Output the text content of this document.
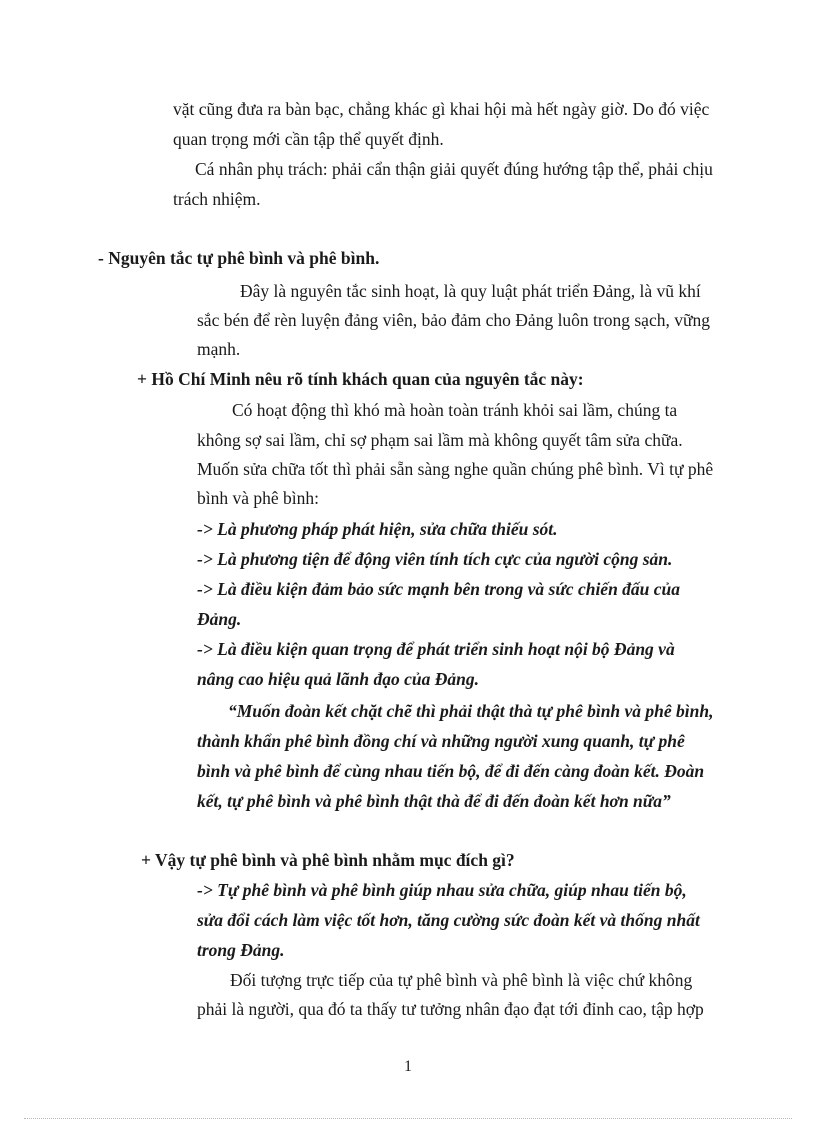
vặt cũng đưa ra bàn bạc, chẳng khác gì khai hội mà hết ngày giờ. Do đó việc
quan trọng mới cần tập thể quyết định.
Cá nhân phụ trách: phải cẩn thận giải quyết đúng hướng tập thể, phải chịu
trách nhiệm.
- Nguyên tắc tự phê bình và phê bình.
Đây là nguyên tắc sinh hoạt, là quy luật phát triển Đảng, là vũ khí
sắc bén để rèn luyện đảng viên, bảo đảm cho Đảng luôn trong sạch, vững
mạnh.
+ Hồ Chí Minh nêu rõ tính khách quan của nguyên tắc này:
Có hoạt động thì khó mà hoàn toàn tránh khỏi sai lầm, chúng ta
không sợ sai lầm, chỉ sợ phạm sai lầm mà không quyết tâm sửa chữa.
Muốn sửa chữa tốt thì phải sẵn sàng nghe quần chúng phê bình. Vì tự phê
bình và phê bình:
-> Là phương pháp phát hiện, sửa chữa thiếu sót.
-> Là phương tiện để động viên tính tích cực của người cộng sản.
-> Là điều kiện đảm bảo sức mạnh bên trong và sức chiến đấu của
Đảng.
-> Là điều kiện quan trọng để phát triển sinh hoạt nội bộ Đảng và
nâng cao hiệu quả lãnh đạo của Đảng.
“Muốn đoàn kết chặt chẽ thì phải thật thà tự phê bình và phê bình,
thành khẩn phê bình đồng chí và những người xung quanh, tự phê
bình và phê bình để cùng nhau tiến bộ, để đi đến càng đoàn kết. Đoàn
kết, tự phê bình và phê bình thật thà để đi đến đoàn kết hơn nữa”
+ Vậy tự phê bình và phê bình nhằm mục đích gì?
-> Tự phê bình và phê bình giúp nhau sửa chữa, giúp nhau tiến bộ,
sửa đổi cách làm việc tốt hơn, tăng cường sức đoàn kết và thống nhất
trong Đảng.
Đối tượng trực tiếp của tự phê bình và phê bình là việc chứ không
phải là người, qua đó ta thấy tư tưởng nhân đạo đạt tới đỉnh cao, tập hợp
1
